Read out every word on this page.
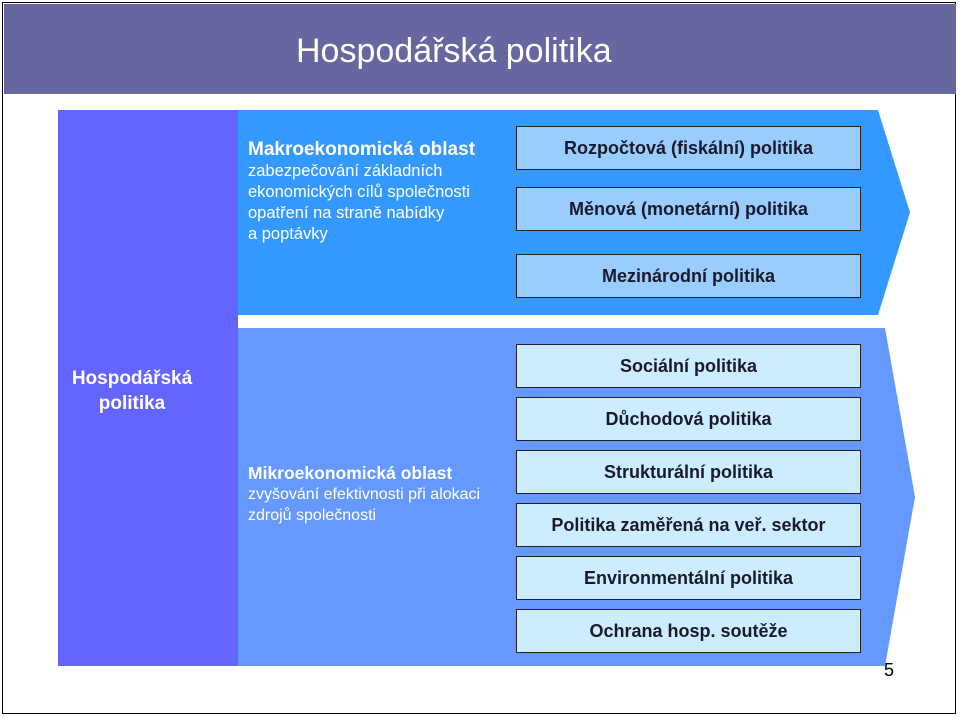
Hospodářská politika
Hospodářská politika
Makroekonomická oblast
zabezpečování základních
ekonomických cílů společnosti
opatření na straně nabídky
a poptávky
Mikroekonomická oblast
zvyšování efektivnosti při alokaci
zdrojů společnosti
Rozpočtová (fiskální) politika
Měnová (monetární) politika
Mezinárodní politika
Sociální politika
Důchodová politika
Strukturální politika
Politika zaměřená na veř. sektor
Environmentální politika
Ochrana hosp. soutěže
5
